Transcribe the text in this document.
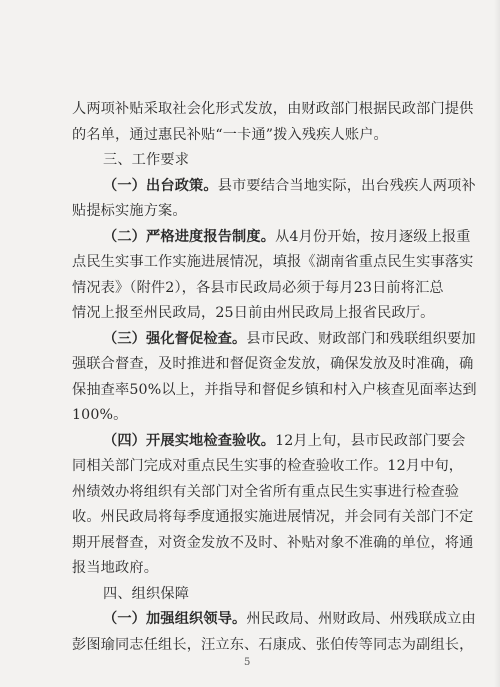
人两项补贴采取社会化形式发放，由财政部门根据民政部门提供
的名单，通过惠民补贴“一卡通”拨入残疾人账户。
三、工作要求
（一）出台政策。县市要结合当地实际，出台残疾人两项补
贴提标实施方案。
（二）严格进度报告制度。从4月份开始，按月逐级上报重
点民生实事工作实施进展情况，填报《湖南省重点民生实事落实
情况表》（附件2），各县市民政局必须于每月23日前将汇总
情况上报至州民政局，25日前由州民政局上报省民政厅。
（三）强化督促检查。县市民政、财政部门和残联组织要加
强联合督查，及时推进和督促资金发放，确保发放及时准确，确
保抽查率50%以上，并指导和督促乡镇和村入户核查见面率达到
100%。
（四）开展实地检查验收。12月上旬，县市民政部门要会
同相关部门完成对重点民生实事的检查验收工作。12月中旬，
州绩效办将组织有关部门对全省所有重点民生实事进行检查验
收。州民政局将每季度通报实施进展情况，并会同有关部门不定
期开展督查，对资金发放不及时、补贴对象不准确的单位，将通
报当地政府。
四、组织保障
（一）加强组织领导。州民政局、州财政局、州残联成立由
彭图瑜同志任组长，汪立东、石康成、张伯传等同志为副组长，
5
